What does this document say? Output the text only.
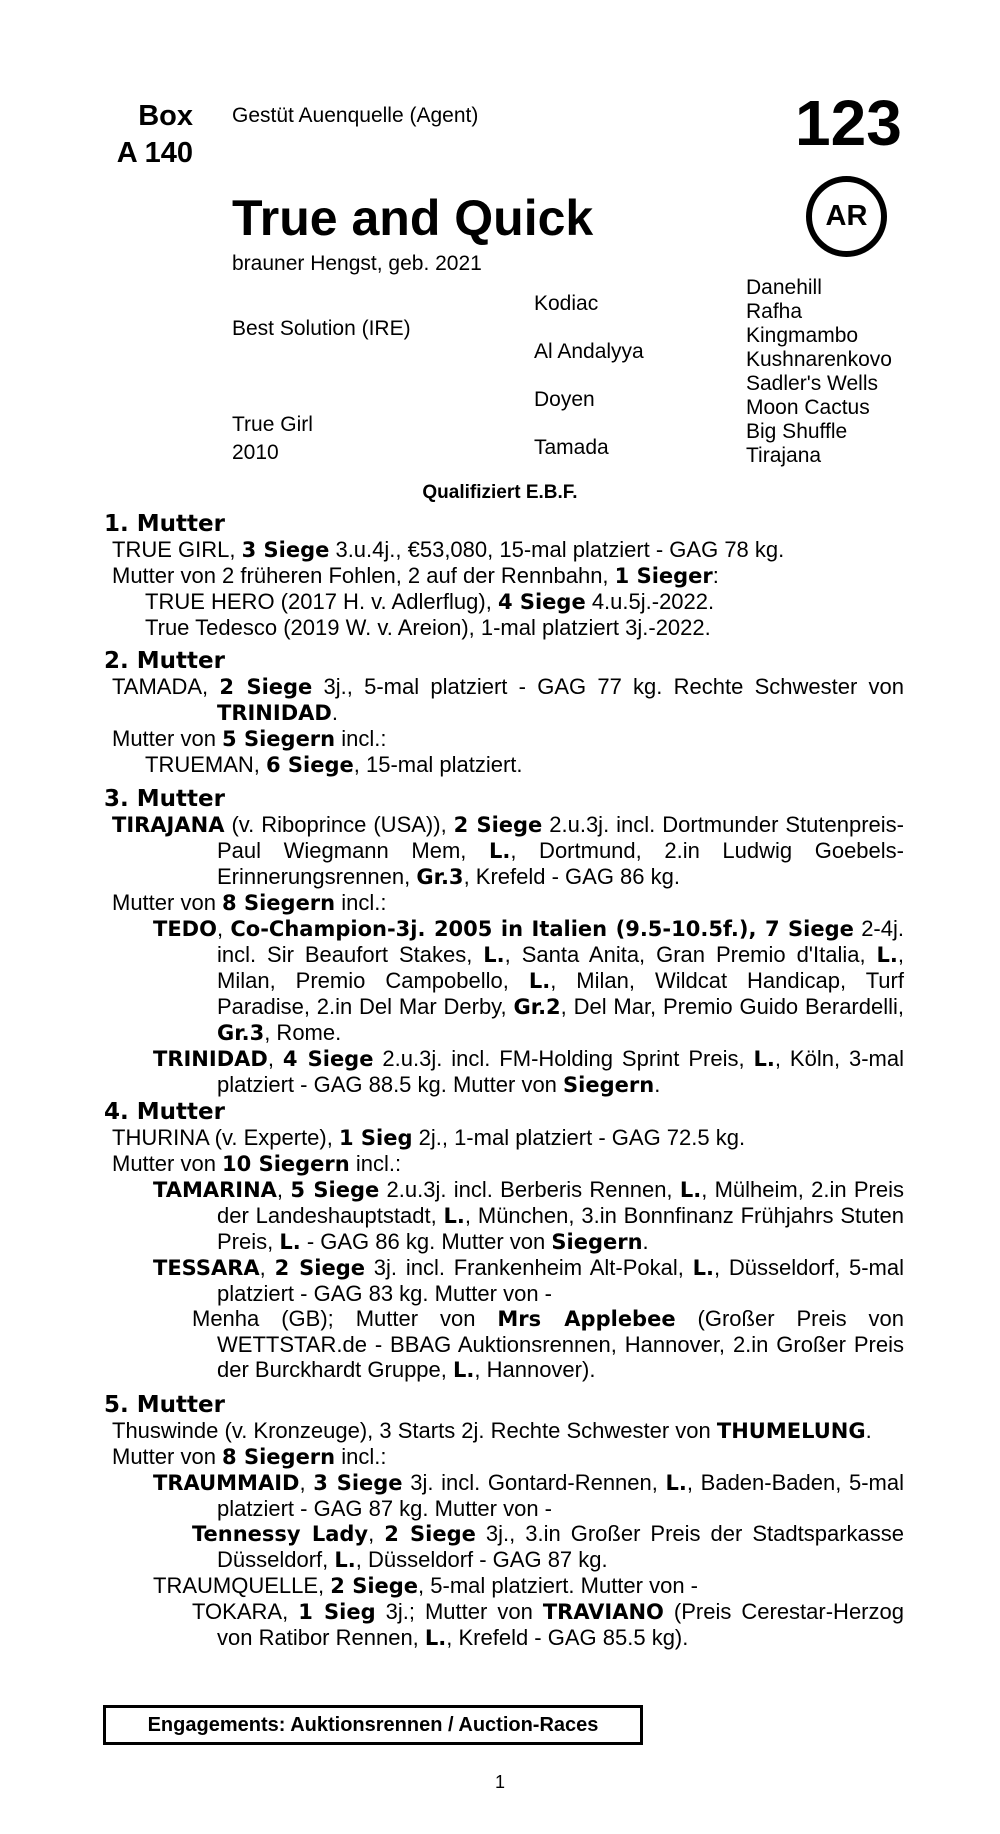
Box
A 140
Gestüt Auenquelle (Agent)	123
AR
True and Quick
brauner Hengst, geb. 2021
Best Solution (IRE)
True Girl
2010
Kodiac
Al Andalyya
Doyen
Tamada
Danehill
Rafha
Kingmambo
Kushnarenkovo
Sadler's Wells
Moon Cactus
Big Shuffle
Tirajana
Qualifiziert E.B.F.
1. Mutter
TRUE GIRL, 3 Siege 3.u.4j., €53,080, 15-mal platziert - GAG 78 kg.
Mutter von 2 früheren Fohlen, 2 auf der Rennbahn, 1 Sieger:
TRUE HERO (2017 H. v. Adlerflug), 4 Siege 4.u.5j.-2022.
True Tedesco (2019 W. v. Areion), 1-mal platziert 3j.-2022.
2. Mutter
TAMADA, 2 Siege 3j., 5-mal platziert - GAG 77 kg. Rechte Schwester von TRINIDAD.
Mutter von 5 Siegern incl.:
TRUEMAN, 6 Siege, 15-mal platziert.
3. Mutter
TIRAJANA (v. Riboprince (USA)), 2 Siege 2.u.3j. incl. Dortmunder Stutenpreis-Paul Wiegmann Mem, L., Dortmund, 2.in Ludwig Goebels-Erinnerungsrennen, Gr.3, Krefeld - GAG 86 kg.
Mutter von 8 Siegern incl.:
TEDO, Co-Champion-3j. 2005 in Italien (9.5-10.5f.), 7 Siege 2-4j. incl. Sir Beaufort Stakes, L., Santa Anita, Gran Premio d'Italia, L., Milan, Premio Campobello, L., Milan, Wildcat Handicap, Turf Paradise, 2.in Del Mar Derby, Gr.2, Del Mar, Premio Guido Berardelli, Gr.3, Rome.
TRINIDAD, 4 Siege 2.u.3j. incl. FM-Holding Sprint Preis, L., Köln, 3-mal platziert - GAG 88.5 kg. Mutter von Siegern.
4. Mutter
THURINA (v. Experte), 1 Sieg 2j., 1-mal platziert - GAG 72.5 kg.
Mutter von 10 Siegern incl.:
TAMARINA, 5 Siege 2.u.3j. incl. Berberis Rennen, L., Mülheim, 2.in Preis der Landeshauptstadt, L., München, 3.in Bonnfinanz Frühjahrs Stuten Preis, L. - GAG 86 kg. Mutter von Siegern.
TESSARA, 2 Siege 3j. incl. Frankenheim Alt-Pokal, L., Düsseldorf, 5-mal platziert - GAG 83 kg. Mutter von -
Menha (GB); Mutter von Mrs Applebee (Großer Preis von WETTSTAR.de - BBAG Auktionsrennen, Hannover, 2.in Großer Preis der Burckhardt Gruppe, L., Hannover).
5. Mutter
Thuswinde (v. Kronzeuge), 3 Starts 2j. Rechte Schwester von THUMELUNG.
Mutter von 8 Siegern incl.:
TRAUMMAID, 3 Siege 3j. incl. Gontard-Rennen, L., Baden-Baden, 5-mal platziert - GAG 87 kg. Mutter von -
Tennessy Lady, 2 Siege 3j., 3.in Großer Preis der Stadtsparkasse Düsseldorf, L., Düsseldorf - GAG 87 kg.
TRAUMQUELLE, 2 Siege, 5-mal platziert. Mutter von -
TOKARA, 1 Sieg 3j.; Mutter von TRAVIANO (Preis Cerestar-Herzog von Ratibor Rennen, L., Krefeld - GAG 85.5 kg).
Engagements: Auktionsrennen / Auction-Races
1
